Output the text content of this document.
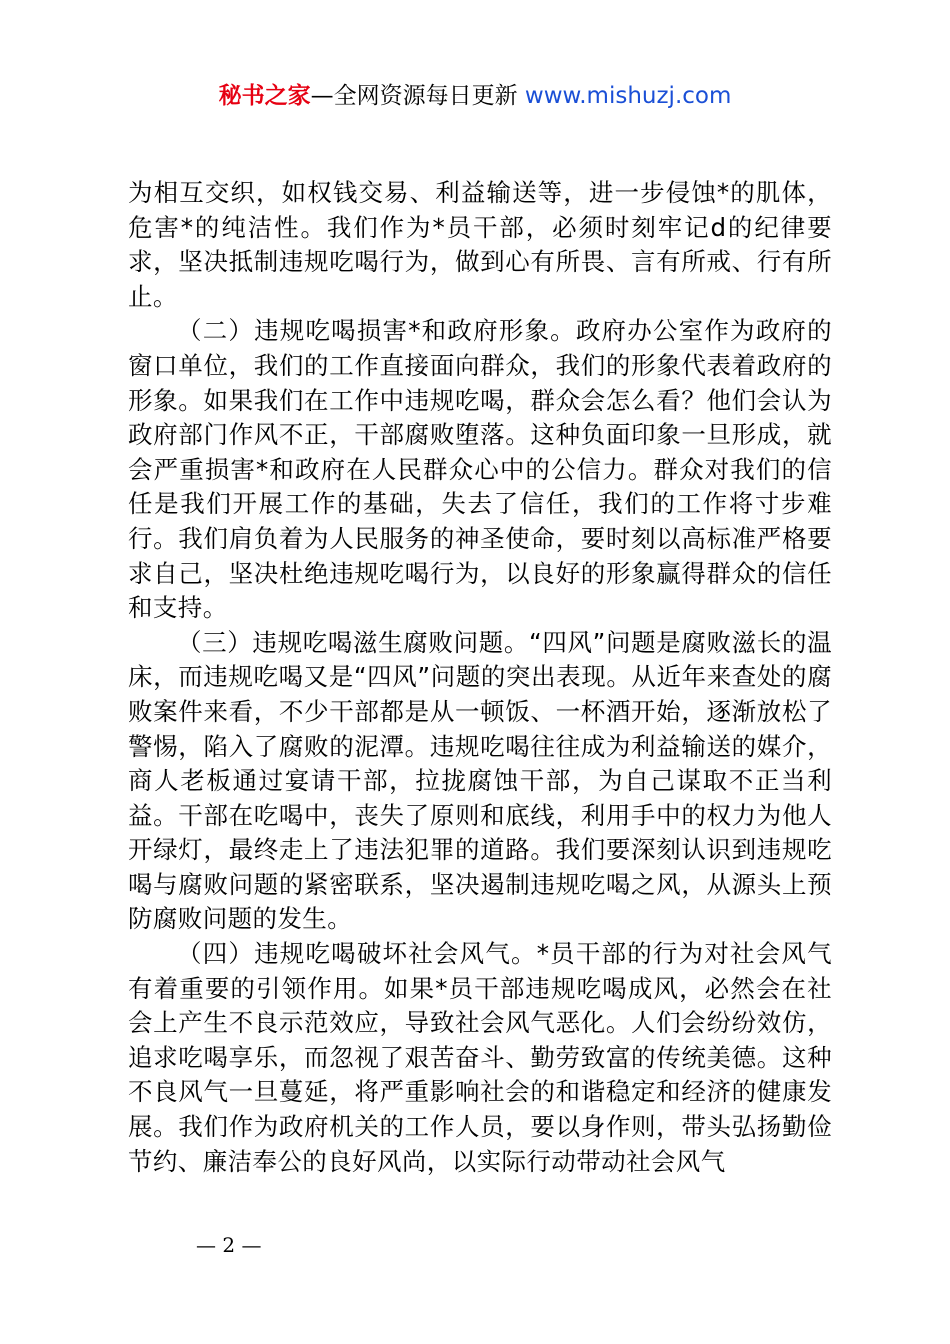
秘书之家—全网资源每日更新 www.mishuzj.com

为相互交织，如权钱交易、利益输送等，进一步侵蚀*的肌体，危害*的纯洁性。我们作为*员干部，必须时刻牢记d的纪律要求，坚决抵制违规吃喝行为，做到心有所畏、言有所戒、行有所止。

（二）违规吃喝损害*和政府形象。政府办公室作为政府的窗口单位，我们的工作直接面向群众，我们的形象代表着政府的形象。如果我们在工作中违规吃喝，群众会怎么看？他们会认为政府部门作风不正，干部腐败堕落。这种负面印象一旦形成，就会严重损害*和政府在人民群众心中的公信力。群众对我们的信任是我们开展工作的基础，失去了信任，我们的工作将寸步难行。我们肩负着为人民服务的神圣使命，要时刻以高标准严格要求自己，坚决杜绝违规吃喝行为，以良好的形象赢得群众的信任和支持。

（三）违规吃喝滋生腐败问题。“四风”问题是腐败滋长的温床，而违规吃喝又是“四风”问题的突出表现。从近年来查处的腐败案件来看，不少干部都是从一顿饭、一杯酒开始，逐渐放松了警惕，陷入了腐败的泥潭。违规吃喝往往成为利益输送的媒介，商人老板通过宴请干部，拉拢腐蚀干部，为自己谋取不正当利益。干部在吃喝中，丧失了原则和底线，利用手中的权力为他人开绿灯，最终走上了违法犯罪的道路。我们要深刻认识到违规吃喝与腐败问题的紧密联系，坚决遏制违规吃喝之风，从源头上预防腐败问题的发生。

（四）违规吃喝破坏社会风气。*员干部的行为对社会风气有着重要的引领作用。如果*员干部违规吃喝成风，必然会在社会上产生不良示范效应，导致社会风气恶化。人们会纷纷效仿，追求吃喝享乐，而忽视了艰苦奋斗、勤劳致富的传统美德。这种不良风气一旦蔓延，将严重影响社会的和谐稳定和经济的健康发展。我们作为政府机关的工作人员，要以身作则，带头弘扬勤俭节约、廉洁奉公的良好风尚，以实际行动带动社会风气

— 2 —
